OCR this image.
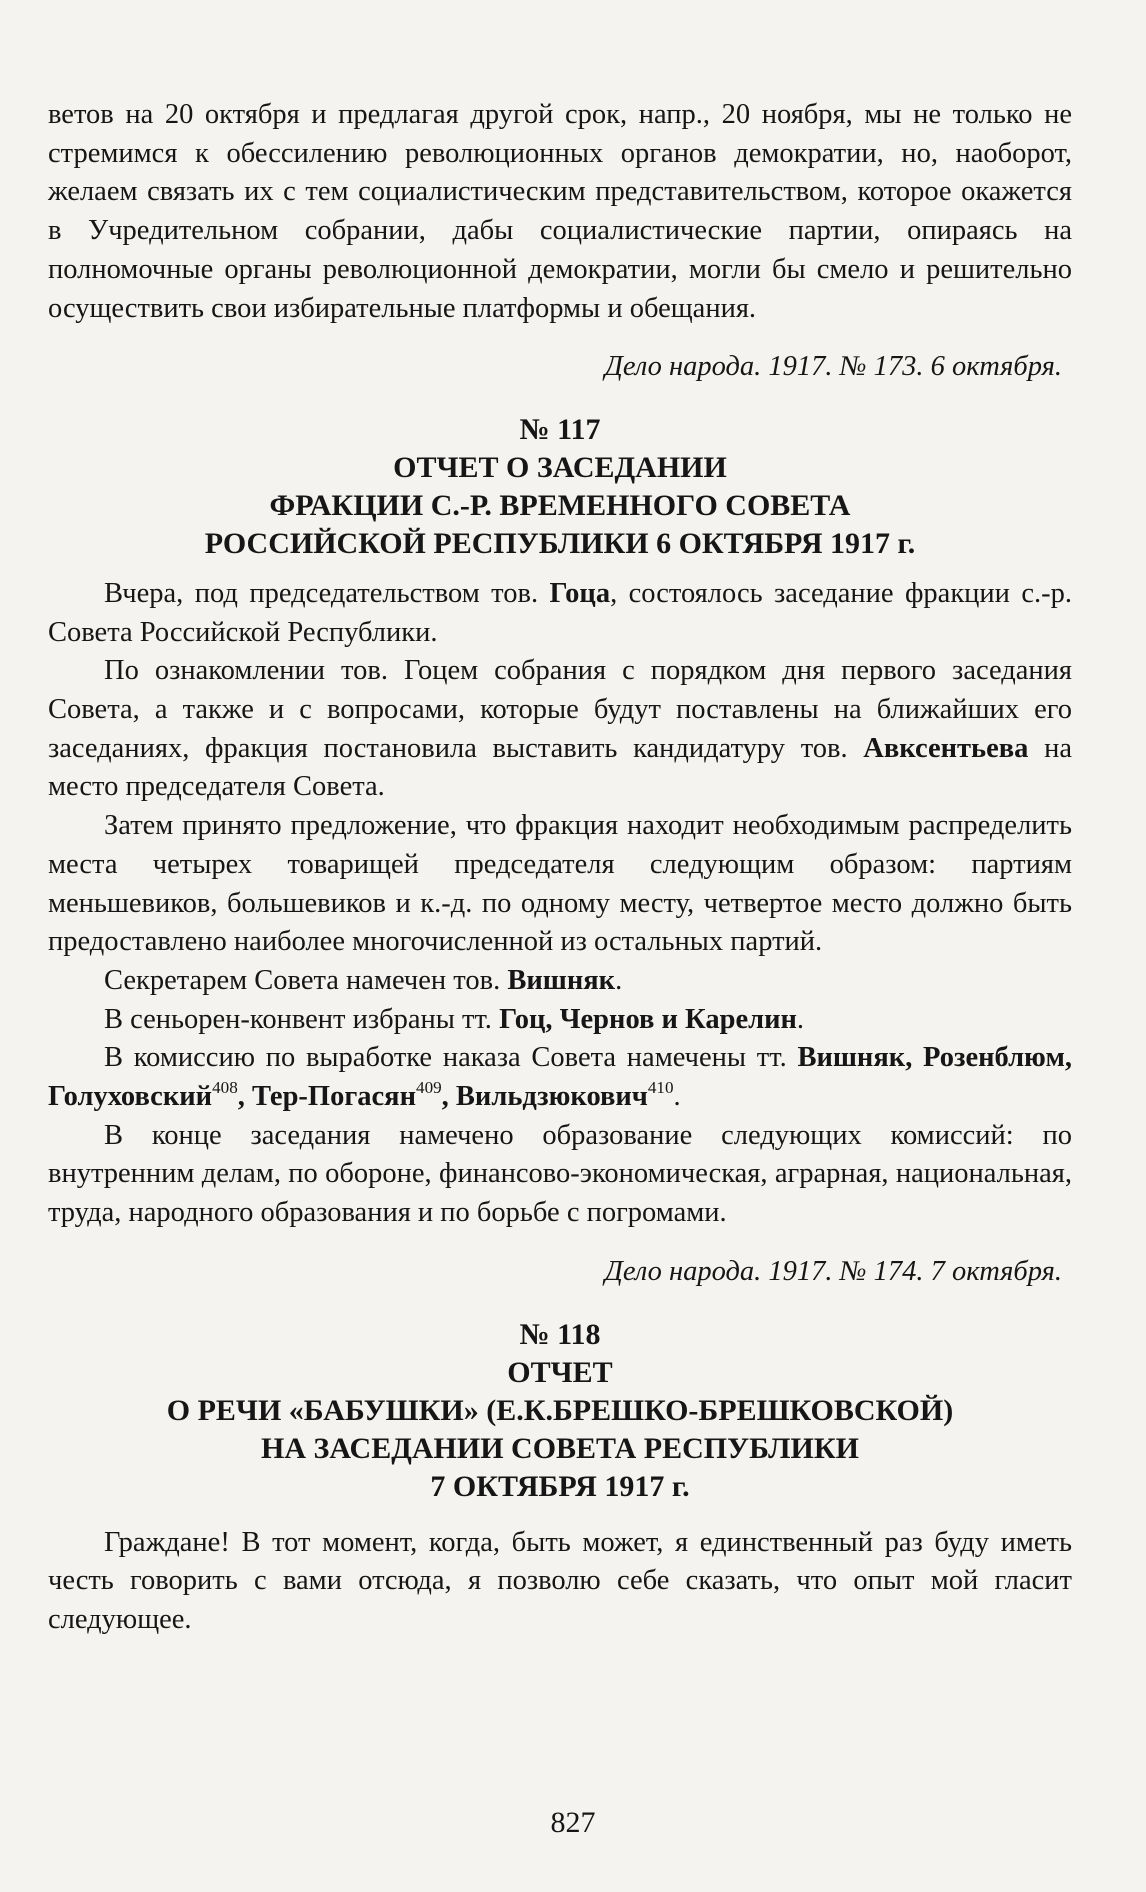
ветов на 20 октября и предлагая другой срок, напр., 20 ноября, мы не только не стремимся к обессилению революционных органов демократии, но, наоборот, желаем связать их с тем социалистическим представительством, которое окажется в Учредительном собрании, дабы социалистические партии, опираясь на полномочные органы революционной демократии, могли бы смело и решительно осуществить свои избирательные платформы и обещания.

Дело народа. 1917. № 173. 6 октября.

№ 117
ОТЧЕТ О ЗАСЕДАНИИ
ФРАКЦИИ С.-Р. ВРЕМЕННОГО СОВЕТА
РОССИЙСКОЙ РЕСПУБЛИКИ 6 ОКТЯБРЯ 1917 г.

Вчера, под председательством тов. Гоца, состоялось заседание фракции с.-р. Совета Российской Республики.

По ознакомлении тов. Гоцем собрания с порядком дня первого заседания Совета, а также и с вопросами, которые будут поставлены на ближайших его заседаниях, фракция постановила выставить кандидатуру тов. Авксентьева на место председателя Совета.

Затем принято предложение, что фракция находит необходимым распределить места четырех товарищей председателя следующим образом: партиям меньшевиков, большевиков и к.-д. по одному месту, четвертое место должно быть предоставлено наиболее многочисленной из остальных партий.

Секретарем Совета намечен тов. Вишняк.

В сеньорен-конвент избраны тт. Гоц, Чернов и Карелин.

В комиссию по выработке наказа Совета намечены тт. Вишняк, Розенблюм, Голуховский$^{408}$, Тер-Погасян$^{409}$, Вильдзюкович$^{410}$.

В конце заседания намечено образование следующих комиссий: по внутренним делам, по обороне, финансово-экономическая, аграрная, национальная, труда, народного образования и по борьбе с погромами.

Дело народа. 1917. № 174. 7 октября.

№ 118
ОТЧЕТ
О РЕЧИ «БАБУШКИ» (Е.К.БРЕШКО-БРЕШКОВСКОЙ)
НА ЗАСЕДАНИИ СОВЕТА РЕСПУБЛИКИ
7 ОКТЯБРЯ 1917 г.

Граждане! В тот момент, когда, быть может, я единственный раз буду иметь честь говорить с вами отсюда, я позволю себе сказать, что опыт мой гласит следующее.

827
